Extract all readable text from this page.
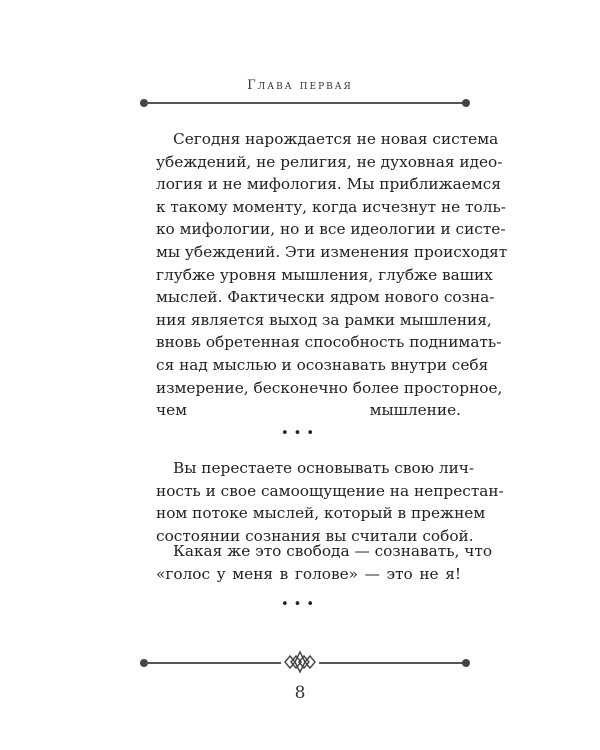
Глава первая
Сегодня нарождается не новая система
убеждений, не религия, не духовная идео-
логия и не мифология. Мы приближаемся
к такому моменту, когда исчезнут не толь-
ко мифологии, но и все идеологии и систе-
мы убеждений. Эти изменения происходят
глубже уровня мышления, глубже ваших
мыслей. Фактически ядром нового созна-
ния является выход за рамки мышления,
вновь обретенная способность поднимать-
ся над мыслью и осознавать внутри себя
измерение, бесконечно более просторное,
чем мышление.
•••
Вы перестаете основывать свою лич-
ность и свое самоощущение на непрестан-
ном потоке мыслей, который в прежнем
состоянии сознания вы считали собой.
Какая же это свобода — сознавать, что
«голос у меня в голове» — это не я!
•••
8
